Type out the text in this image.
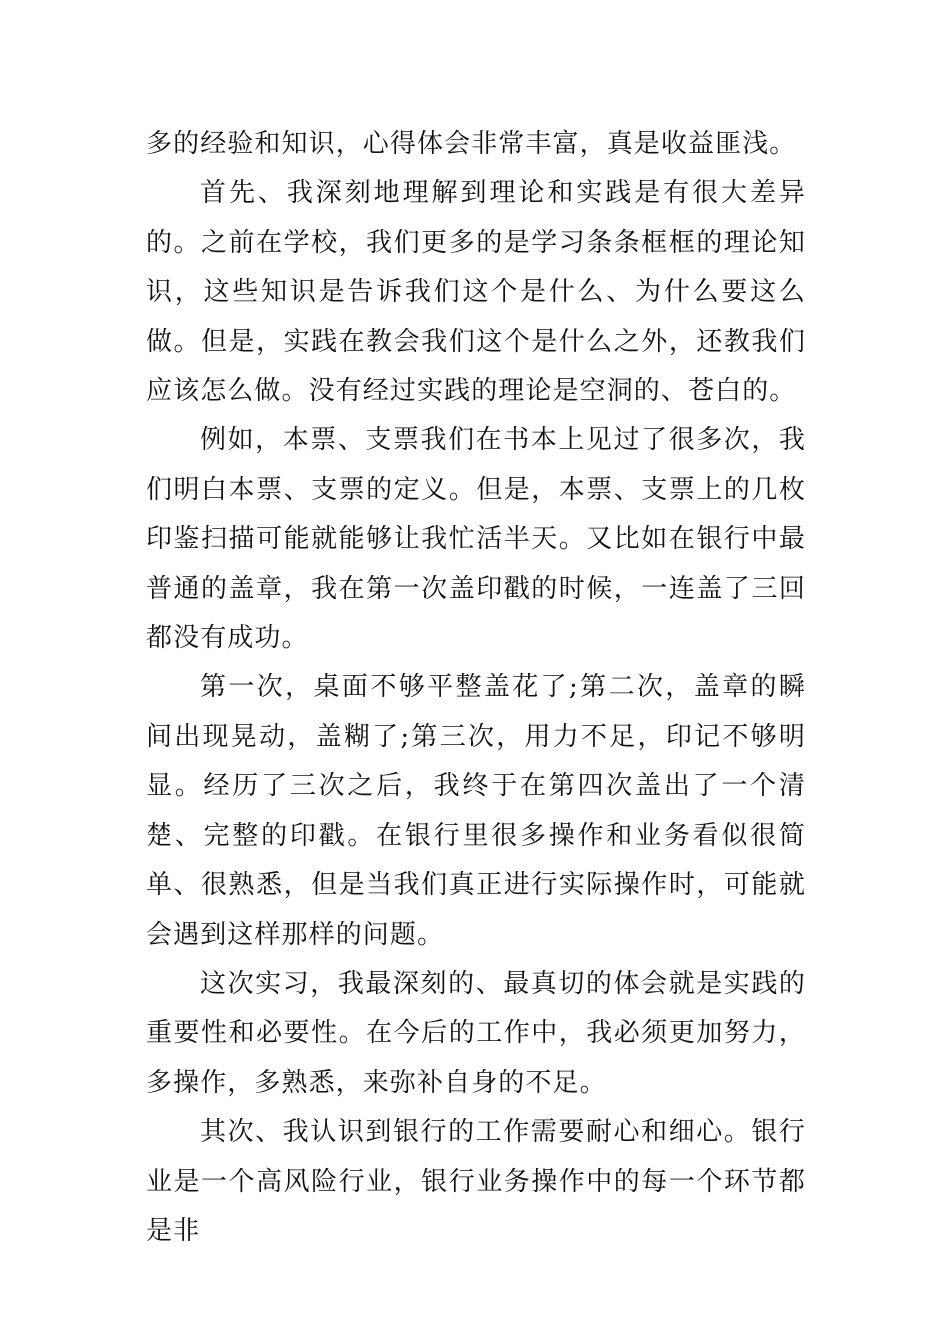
多的经验和知识，心得体会非常丰富，真是收益匪浅。

首先、我深刻地理解到理论和实践是有很大差异的。之前在学校，我们更多的是学习条条框框的理论知识，这些知识是告诉我们这个是什么、为什么要这么做。但是，实践在教会我们这个是什么之外，还教我们应该怎么做。没有经过实践的理论是空洞的、苍白的。

例如，本票、支票我们在书本上见过了很多次，我们明白本票、支票的定义。但是，本票、支票上的几枚印鉴扫描可能就能够让我忙活半天。又比如在银行中最普通的盖章，我在第一次盖印戳的时候，一连盖了三回都没有成功。

第一次，桌面不够平整盖花了;第二次，盖章的瞬间出现晃动，盖糊了;第三次，用力不足，印记不够明显。经历了三次之后，我终于在第四次盖出了一个清楚、完整的印戳。在银行里很多操作和业务看似很简单、很熟悉，但是当我们真正进行实际操作时，可能就会遇到这样那样的问题。

这次实习，我最深刻的、最真切的体会就是实践的重要性和必要性。在今后的工作中，我必须更加努力，多操作，多熟悉，来弥补自身的不足。

其次、我认识到银行的工作需要耐心和细心。银行业是一个高风险行业，银行业务操作中的每一个环节都是非
